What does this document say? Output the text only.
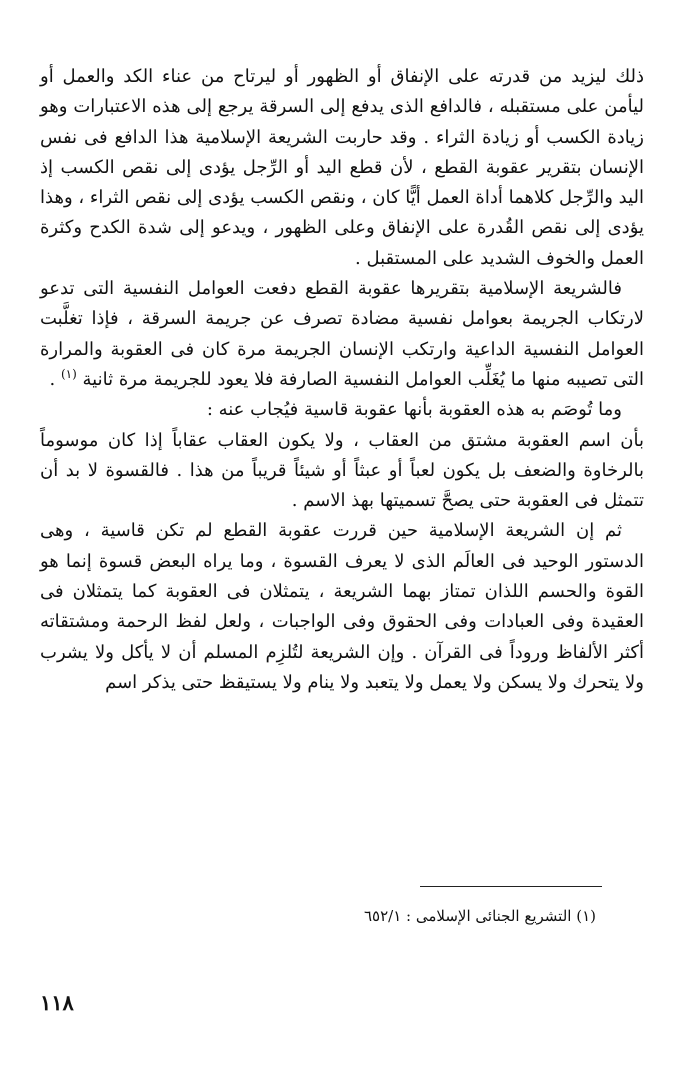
ذلك ليزيد من قدرته على الإنفاق أو الظهور أو ليرتاح من عناء الكد والعمل أو ليأمن على مستقبله ، فالدافع الذى يدفع إلى السرقة يرجع إلى هذه الاعتبارات وهو زيادة الكسب أو زيادة الثراء . وقد حاربت الشريعة الإسلامية هذا الدافع فى نفس الإنسان بتقرير عقوبة القطع ، لأن قطع اليد أو الرِّجل يؤدى إلى نقص الكسب إذ اليد والرِّجل كلاهما أداة العمل أيًّا كان ، ونقص الكسب يؤدى إلى نقص الثراء ، وهذا يؤدى إلى نقص القُدرة على الإنفاق وعلى الظهور ، ويدعو إلى شدة الكدح وكثرة العمل والخوف الشديد على المستقبل .

فالشريعة الإسلامية بتقريرها عقوبة القطع دفعت العوامل النفسية التى تدعو لارتكاب الجريمة بعوامل نفسية مضادة تصرف عن جريمة السرقة ، فإذا تغلَّبت العوامل النفسية الداعية وارتكب الإنسان الجريمة مرة كان فى العقوبة والمرارة التى تصيبه منها ما يُغَلِّب العوامل النفسية الصارفة فلا يعود للجريمة مرة ثانية $^{(١)}$ .

وما تُوصَم به هذه العقوبة بأنها عقوبة قاسية فيُجاب عنه :

بأن اسم العقوبة مشتق من العقاب ، ولا يكون العقاب عقاباً إذا كان موسوماً بالرخاوة والضعف بل يكون لعباً أو عبثاً أو شيئاً قريباً من هذا . فالقسوة لا بد أن تتمثل فى العقوبة حتى يصحَّ تسميتها بهذ الاسم .

ثم إن الشريعة الإسلامية حين قررت عقوبة القطع لم تكن قاسية ، وهى الدستور الوحيد فى العالَم الذى لا يعرف القسوة ، وما يراه البعض قسوة إنما هو القوة والحسم اللذان تمتاز بهما الشريعة ، يتمثلان فى العقوبة كما يتمثلان فى العقيدة وفى العبادات وفى الحقوق وفى الواجبات ، ولعل لفظ الرحمة ومشتقاته أكثر الألفاظ وروداً فى القرآن . وإن الشريعة لتُلزِم المسلم أن لا يأكل ولا يشرب ولا يتحرك ولا يسكن ولا يعمل ولا يتعبد ولا ينام ولا يستيقظ حتى يذكر اسم

(١) التشريع الجنائى الإسلامى : ٦٥٢/١
١١٨
